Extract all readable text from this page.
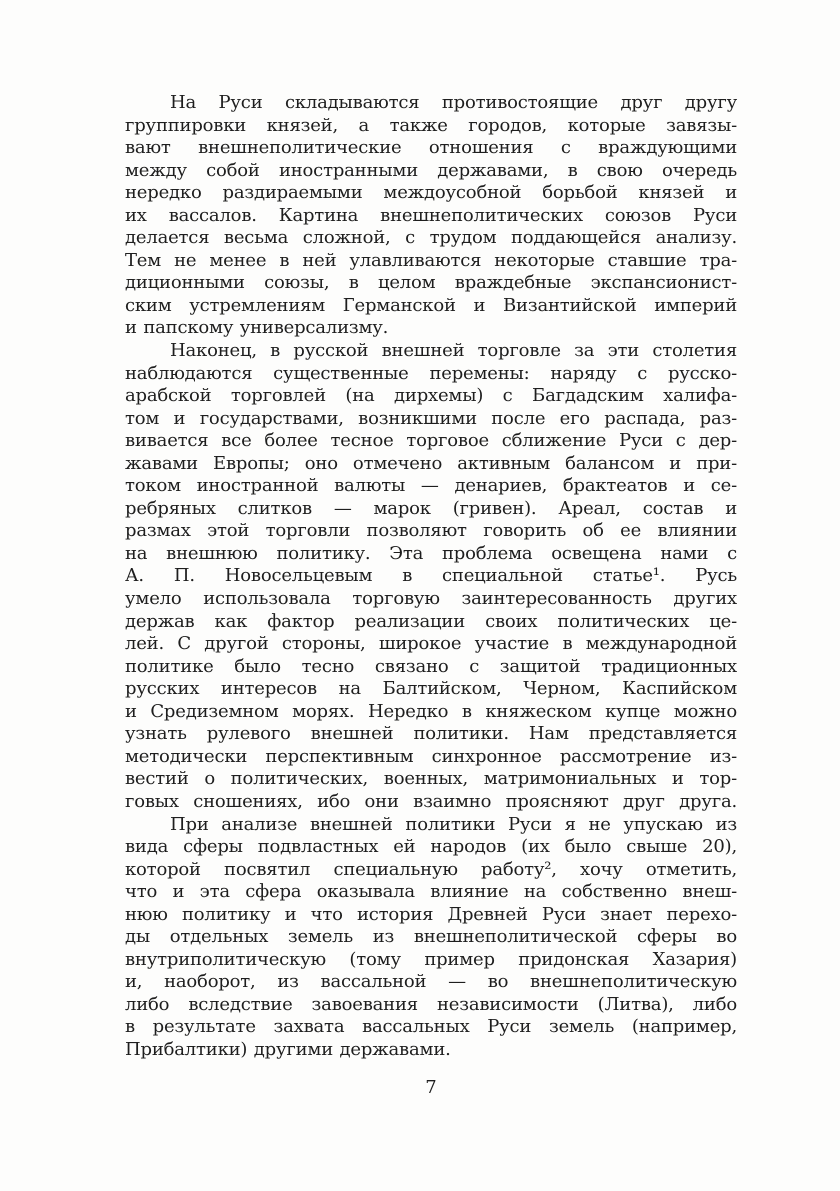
На Руси складываются противостоящие друг другу
группировки князей, а также городов, которые завязы-
вают внешнеполитические отношения с враждующими
между собой иностранными державами, в свою очередь
нередко раздираемыми междоусобной борьбой князей и
их вассалов. Картина внешнеполитических союзов Руси
делается весьма сложной, с трудом поддающейся анализу.
Тем не менее в ней улавливаются некоторые ставшие тра-
диционными союзы, в целом враждебные экспансионист-
ским устремлениям Германской и Византийской империй
и папскому универсализму.
Наконец, в русской внешней торговле за эти столетия
наблюдаются существенные перемены: наряду с русско-
арабской торговлей (на дирхемы) с Багдадским халифа-
том и государствами, возникшими после его распада, раз-
вивается все более тесное торговое сближение Руси с дер-
жавами Европы; оно отмечено активным балансом и при-
током иностранной валюты — денариев, брактеатов и се-
ребряных слитков — марок (гривен). Ареал, состав и
размах этой торговли позволяют говорить об ее влиянии
на внешнюю политику. Эта проблема освещена нами с
А. П. Новосельцевым в специальной статье¹. Русь
умело использовала торговую заинтересованность других
держав как фактор реализации своих политических це-
лей. С другой стороны, широкое участие в международной
политике было тесно связано с защитой традиционных
русских интересов на Балтийском, Черном, Каспийском
и Средиземном морях. Нередко в княжеском купце можно
узнать рулевого внешней политики. Нам представляется
методически перспективным синхронное рассмотрение из-
вестий о политических, военных, матримониальных и тор-
говых сношениях, ибо они взаимно проясняют друг друга.
При анализе внешней политики Руси я не упускаю из
вида сферы подвластных ей народов (их было свыше 20),
которой посвятил специальную работу², хочу отметить,
что и эта сфера оказывала влияние на собственно внеш-
нюю политику и что история Древней Руси знает перехо-
ды отдельных земель из внешнеполитической сферы во
внутриполитическую (тому пример придонская Хазария)
и, наоборот, из вассальной — во внешнеполитическую
либо вследствие завоевания независимости (Литва), либо
в результате захвата вассальных Руси земель (например,
Прибалтики) другими державами.
7
